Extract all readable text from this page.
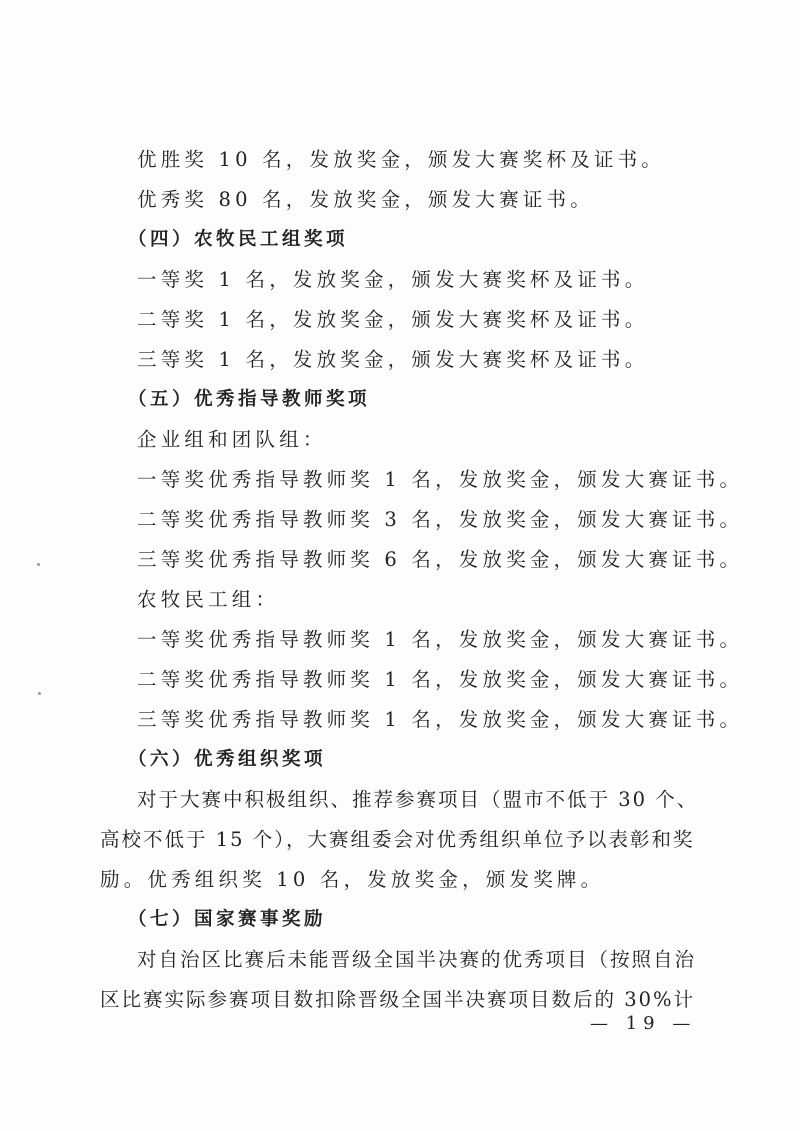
优胜奖 10 名，发放奖金，颁发大赛奖杯及证书。
优秀奖 80 名，发放奖金，颁发大赛证书。
（四）农牧民工组奖项
一等奖 1 名，发放奖金，颁发大赛奖杯及证书。
二等奖 1 名，发放奖金，颁发大赛奖杯及证书。
三等奖 1 名，发放奖金，颁发大赛奖杯及证书。
（五）优秀指导教师奖项
企业组和团队组：
一等奖优秀指导教师奖 1 名，发放奖金，颁发大赛证书。
二等奖优秀指导教师奖 3 名，发放奖金，颁发大赛证书。
三等奖优秀指导教师奖 6 名，发放奖金，颁发大赛证书。
农牧民工组：
一等奖优秀指导教师奖 1 名，发放奖金，颁发大赛证书。
二等奖优秀指导教师奖 1 名，发放奖金，颁发大赛证书。
三等奖优秀指导教师奖 1 名，发放奖金，颁发大赛证书。
（六）优秀组织奖项
对于大赛中积极组织、推荐参赛项目（盟市不低于 30 个、
高校不低于 15 个），大赛组委会对优秀组织单位予以表彰和奖
励。优秀组织奖 10 名，发放奖金，颁发奖牌。
（七）国家赛事奖励
对自治区比赛后未能晋级全国半决赛的优秀项目（按照自治
区比赛实际参赛项目数扣除晋级全国半决赛项目数后的 30%计
— 19 —
